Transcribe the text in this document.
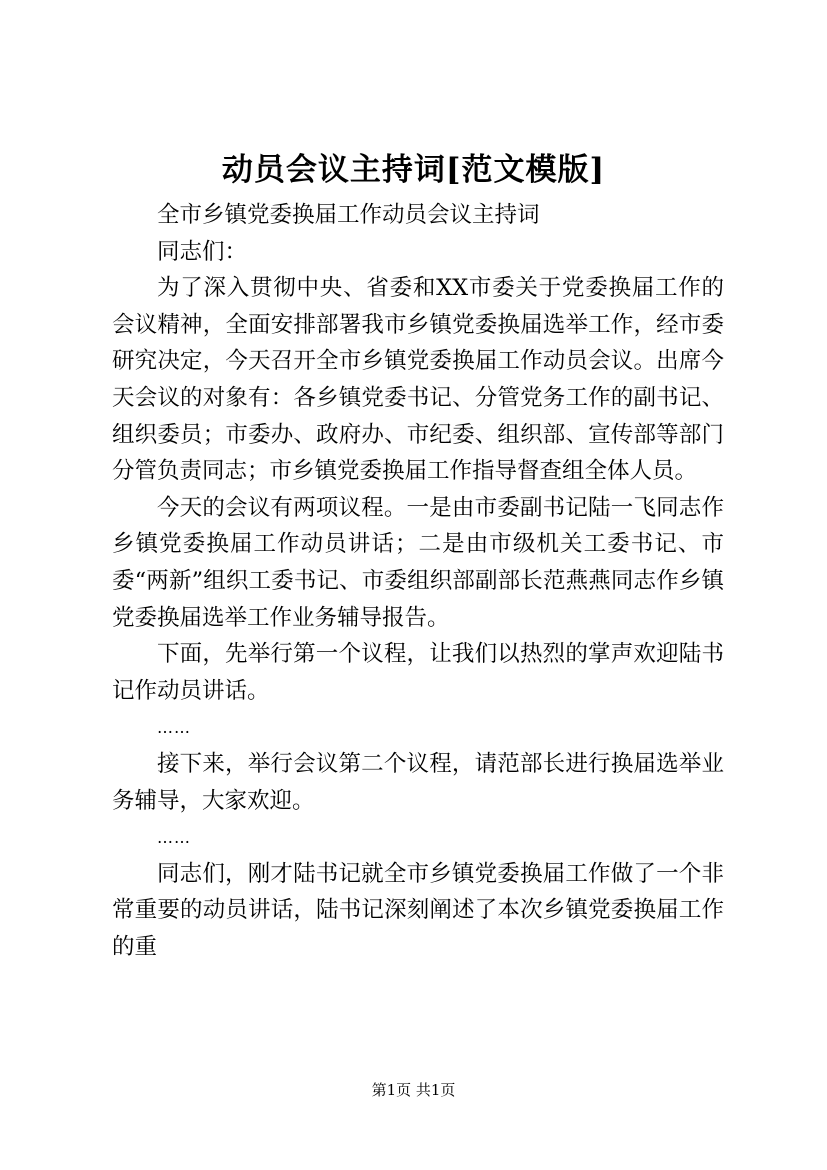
动员会议主持词[范文模版]

全市乡镇党委换届工作动员会议主持词

同志们：

为了深入贯彻中央、省委和XX市委关于党委换届工作的会议精神，全面安排部署我市乡镇党委换届选举工作，经市委研究决定，今天召开全市乡镇党委换届工作动员会议。出席今天会议的对象有：各乡镇党委书记、分管党务工作的副书记、组织委员；市委办、政府办、市纪委、组织部、宣传部等部门分管负责同志；市乡镇党委换届工作指导督查组全体人员。

今天的会议有两项议程。一是由市委副书记陆一飞同志作乡镇党委换届工作动员讲话；二是由市级机关工委书记、市委“两新”组织工委书记、市委组织部副部长范燕燕同志作乡镇党委换届选举工作业务辅导报告。

下面，先举行第一个议程，让我们以热烈的掌声欢迎陆书记作动员讲话。

……

接下来，举行会议第二个议程，请范部长进行换届选举业务辅导，大家欢迎。

……

同志们，刚才陆书记就全市乡镇党委换届工作做了一个非常重要的动员讲话，陆书记深刻阐述了本次乡镇党委换届工作的重

第1页 共1页
